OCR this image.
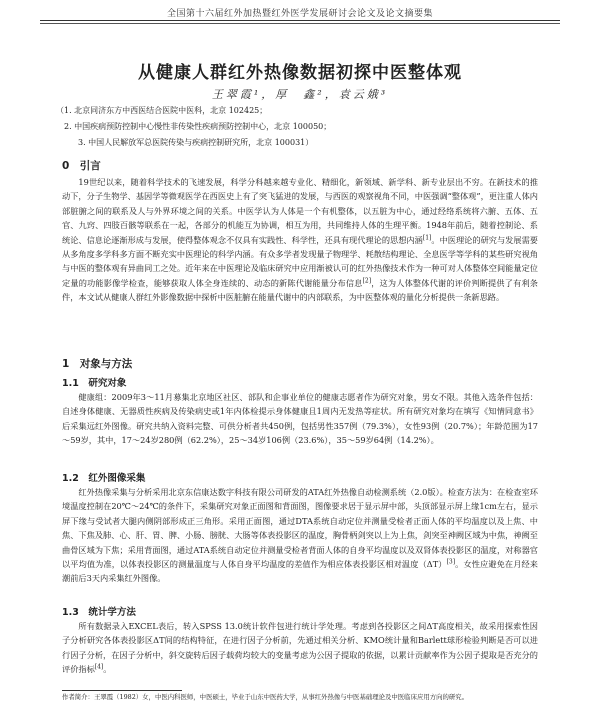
全国第十六届红外加热暨红外医学发展研讨会论文及论文摘要集
从健康人群红外热像数据初探中医整体观
王翠霞¹，厚　鑫²，袁云娥³
（1. 北京同济东方中西医结合医院中医科，北京 102425；
2. 中国疾病预防控制中心慢性非传染性疾病预防控制中心，北京 100050；
3. 中国人民解放军总医院传染与疾病控制研究所，北京 100031）
0　引言
19世纪以来，随着科学技术的飞速发展，科学分科越来越专业化、精细化，新领域、新学科、新专业层出不穷。在新技术的推动下，分子生物学、基因学等微观医学在西医史上有了突飞猛进的发展，与西医的观察视角不同，中医强调“整体观”，更注重人体内部脏腑之间的联系及人与外界环境之间的关系。中医学认为人体是一个有机整体，以五脏为中心，通过经络系统将六腑、五体、五官、九窍、四肢百骸等联系在一起，各部分的机能互为协调，相互为用，共同维持人体的生理平衡。1948年前后，随着控制论、系统论、信息论逐渐形成与发展，使得整体观念不仅具有实践性、科学性，还具有现代理论的思想内涵[1]。中医理论的研究与发展需要从多角度多学科多方面不断充实中医理论的科学内涵。有众多学者发现量子物理学、耗散结构理论、全息医学等学科的某些研究视角与中医的整体观有异曲同工之处。近年来在中医理论及临床研究中应用渐被认可的红外热像技术作为一种可对人体整体空间能量定位定量的功能影像学检查，能够获取人体全身连续的、动态的新陈代谢能量分布信息[2]，这为人体整体代谢的评价判断提供了有利条件，本文试从健康人群红外影像数据中探析中医脏腑在能量代谢中的内部联系，为中医整体观的量化分析提供一条新思路。
1　对象与方法
1.1　研究对象
健康组：2009年3～11月募集北京地区社区、部队和企事业单位的健康志愿者作为研究对象，男女不限。其他入选条件包括：自述身体健康、无器质性疾病及传染病史或1年内体检提示身体健康且1周内无发热等症状。所有研究对象均在填写《知情同意书》后采集远红外图像。研究共纳入资料完整、可供分析者共450例，包括男性357例（79.3%），女性93例（20.7%）；年龄范围为17～59岁，其中，17～24岁280例（62.2%），25～34岁106例（23.6%），35～59岁64例（14.2%）。
1.2　红外图像采集
红外热像采集与分析采用北京东信康达数字科技有限公司研发的ATA红外热像自动检测系统（2.0版）。检查方法为：在检查室环境温度控制在20℃～24℃的条件下，采集研究对象正面图和背面图，图像要求居于显示屏中部，头顶部显示屏上缘1cm左右，显示屏下缘与受试者大腿内侧阴部形成正三角形。采用正面图，通过DTA系统自动定位并测量受检者正面人体的平均温度以及上焦、中焦、下焦及肺、心、肝、胃、脾、小肠、膀胱、大肠等体表投影区的温度，胸骨柄剑突以上为上焦，剑突至神阙区域为中焦，神阙至曲骨区域为下焦；采用背面图，通过ATA系统自动定位并测量受检者背面人体的自身平均温度以及双肾体表投影区的温度，对称器官以平均值为准，以体表投影区的测量温度与人体自身平均温度的差值作为相应体表投影区相对温度（ΔT）[3]。女性应避免在月经来潮前后3天内采集红外图像。
1.3　统计学方法
所有数据录入EXCEL表后，转入SPSS 13.0统计软件包进行统计学处理。考虑到各投影区之间ΔT高度相关，故采用探索性因子分析研究各体表投影区ΔT间的结构特征，在进行因子分析前，先通过相关分析、KMO统计量和Barlett球形检验判断是否可以进行因子分析，在因子分析中，斜交旋转后因子载荷均较大的变量考虑为公因子提取的依据，以累计贡献率作为公因子提取是否充分的评价指标[4]。
作者简介：王翠霞（1982）女，中医内科医师，中医硕士，毕业于山东中医药大学，从事红外热像与中医基础理论及中医临床应用方向的研究。
